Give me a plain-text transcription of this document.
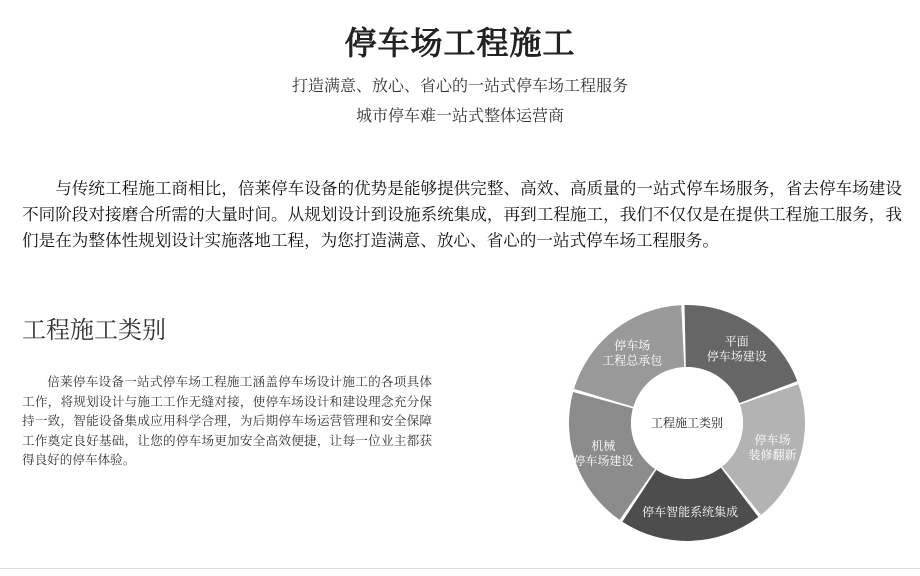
停车场工程施工
打造满意、放心、省心的一站式停车场工程服务
城市停车难一站式整体运营商
与传统工程施工商相比，倍莱停车设备的优势是能够提供完整、高效、高质量的一站式停车场服务，省去停车场建设不同阶段对接磨合所需的大量时间。从规划设计到设施系统集成，再到工程施工，我们不仅仅是在提供工程施工服务，我们是在为整体性规划设计实施落地工程，为您打造满意、放心、省心的一站式停车场工程服务。
工程施工类别
倍莱停车设备一站式停车场工程施工涵盖停车场设计施工的各项具体工作，将规划设计与施工工作无缝对接，使停车场设计和建设理念充分保持一致，智能设备集成应用科学合理，为后期停车场运营管理和安全保障工作奠定良好基础，让您的停车场更加安全高效便捷，让每一位业主都获得良好的停车体验。
平面
停车场建设
停车场
装修翻新
停车智能系统集成
机械
停车场建设
停车场
工程总承包
工程施工类别
